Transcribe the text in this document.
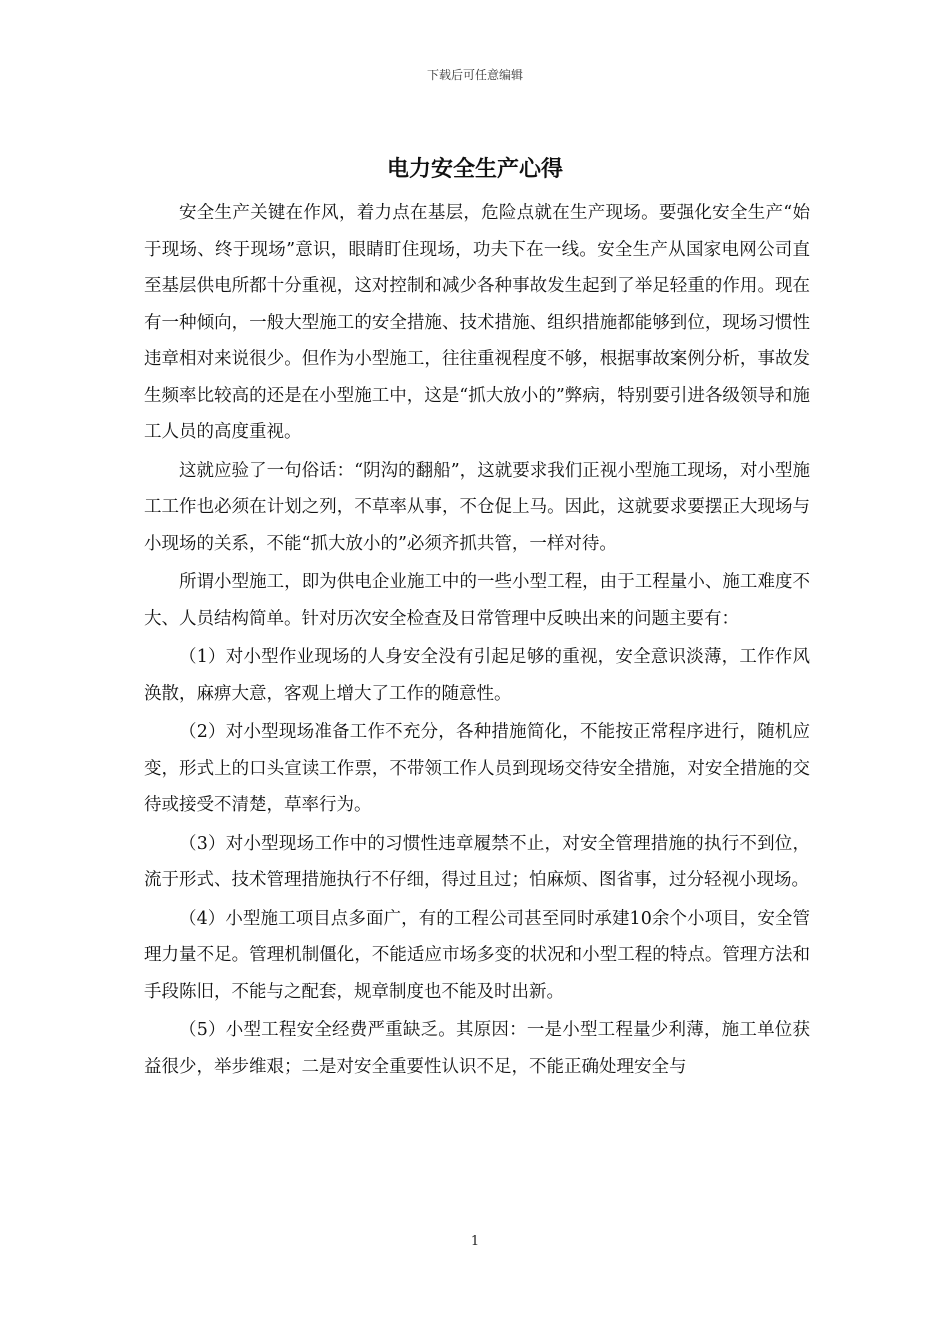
下载后可任意编辑
电力安全生产心得

安全生产关键在作风，着力点在基层，危险点就在生产现场。要强化安全生产“始于现场、终于现场”意识，眼睛盯住现场，功夫下在一线。安全生产从国家电网公司直至基层供电所都十分重视，这对控制和减少各种事故发生起到了举足轻重的作用。现在有一种倾向，一般大型施工的安全措施、技术措施、组织措施都能够到位，现场习惯性违章相对来说很少。但作为小型施工，往往重视程度不够，根据事故案例分析，事故发生频率比较高的还是在小型施工中，这是“抓大放小的”弊病，特别要引进各级领导和施工人员的高度重视。

这就应验了一句俗话：“阴沟的翻船”，这就要求我们正视小型施工现场，对小型施工工作也必须在计划之列，不草率从事，不仓促上马。因此，这就要求要摆正大现场与小现场的关系，不能“抓大放小的”必须齐抓共管，一样对待。

所谓小型施工，即为供电企业施工中的一些小型工程，由于工程量小、施工难度不大、人员结构简单。针对历次安全检查及日常管理中反映出来的问题主要有：

（1）对小型作业现场的人身安全没有引起足够的重视，安全意识淡薄，工作作风涣散，麻痹大意，客观上增大了工作的随意性。

（2）对小型现场准备工作不充分，各种措施简化，不能按正常程序进行，随机应变，形式上的口头宣读工作票，不带领工作人员到现场交待安全措施，对安全措施的交待或接受不清楚，草率行为。

（3）对小型现场工作中的习惯性违章履禁不止，对安全管理措施的执行不到位，流于形式、技术管理措施执行不仔细，得过且过；怕麻烦、图省事，过分轻视小现场。

（4）小型施工项目点多面广，有的工程公司甚至同时承建10余个小项目，安全管理力量不足。管理机制僵化，不能适应市场多变的状况和小型工程的特点。管理方法和手段陈旧，不能与之配套，规章制度也不能及时出新。

（5）小型工程安全经费严重缺乏。其原因：一是小型工程量少利薄，施工单位获益很少，举步维艰；二是对安全重要性认识不足，不能正确处理安全与

1
